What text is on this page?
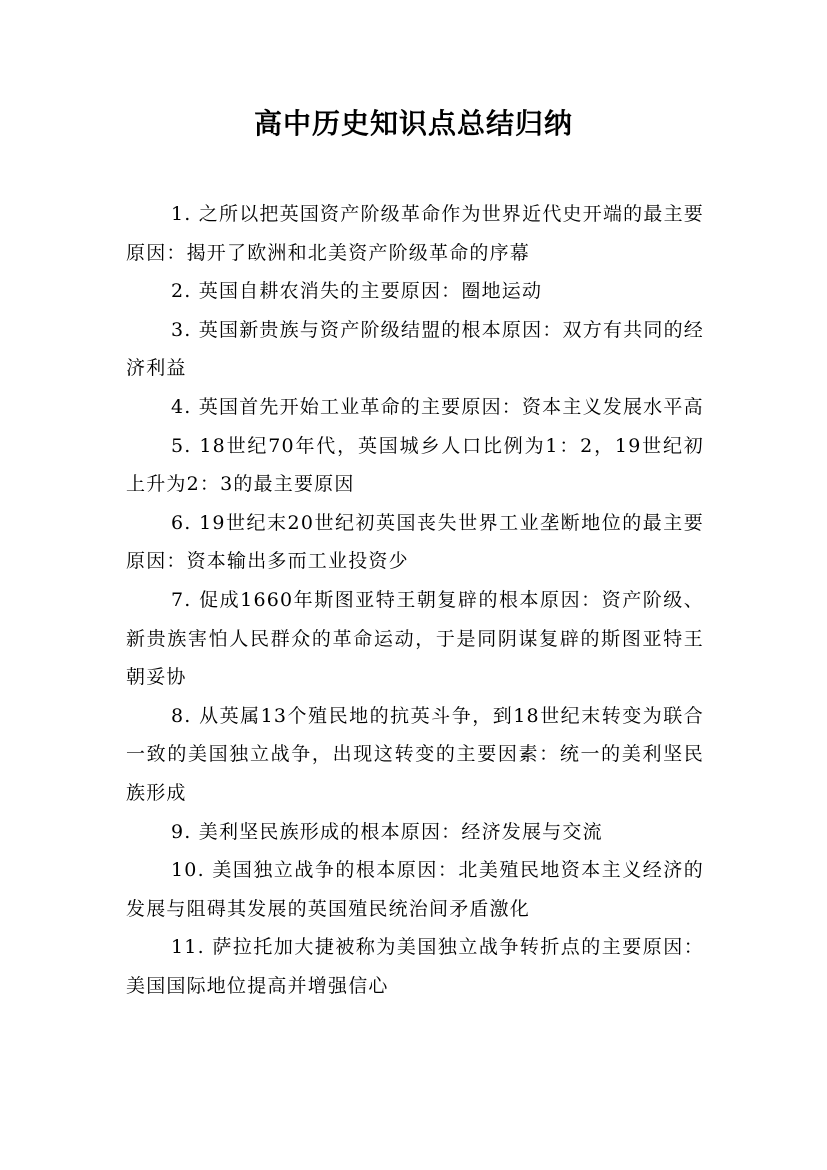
高中历史知识点总结归纳

1. 之所以把英国资产阶级革命作为世界近代史开端的最主要原因：揭开了欧洲和北美资产阶级革命的序幕

2. 英国自耕农消失的主要原因：圈地运动

3. 英国新贵族与资产阶级结盟的根本原因：双方有共同的经济利益

4. 英国首先开始工业革命的主要原因：资本主义发展水平高

5. 18世纪70年代，英国城乡人口比例为1：2，19世纪初上升为2：3的最主要原因

6. 19世纪末20世纪初英国丧失世界工业垄断地位的最主要原因：资本输出多而工业投资少

7. 促成1660年斯图亚特王朝复辟的根本原因：资产阶级、新贵族害怕人民群众的革命运动，于是同阴谋复辟的斯图亚特王朝妥协

8. 从英属13个殖民地的抗英斗争，到18世纪末转变为联合一致的美国独立战争，出现这转变的主要因素：统一的美利坚民族形成

9. 美利坚民族形成的根本原因：经济发展与交流

10. 美国独立战争的根本原因：北美殖民地资本主义经济的发展与阻碍其发展的英国殖民统治间矛盾激化

11. 萨拉托加大捷被称为美国独立战争转折点的主要原因：美国国际地位提高并增强信心
